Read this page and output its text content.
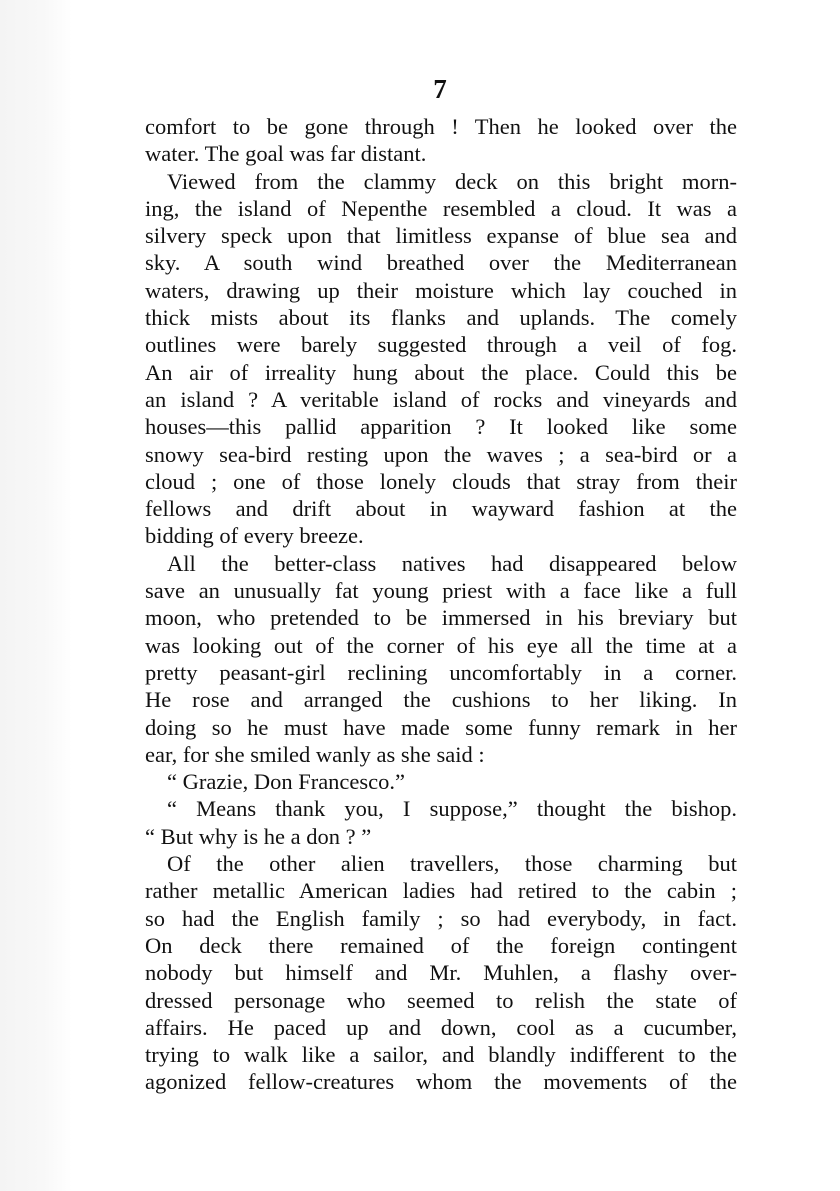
7
comfort to be gone through ! Then he looked over the
water. The goal was far distant.
Viewed from the clammy deck on this bright morn-
ing, the island of Nepenthe resembled a cloud. It was a
silvery speck upon that limitless expanse of blue sea and
sky. A south wind breathed over the Mediterranean
waters, drawing up their moisture which lay couched in
thick mists about its flanks and uplands. The comely
outlines were barely suggested through a veil of fog.
An air of irreality hung about the place. Could this be
an island ? A veritable island of rocks and vineyards and
houses—this pallid apparition ? It looked like some
snowy sea-bird resting upon the waves ; a sea-bird or a
cloud ; one of those lonely clouds that stray from their
fellows and drift about in wayward fashion at the
bidding of every breeze.
All the better-class natives had disappeared below
save an unusually fat young priest with a face like a full
moon, who pretended to be immersed in his breviary but
was looking out of the corner of his eye all the time at a
pretty peasant-girl reclining uncomfortably in a corner.
He rose and arranged the cushions to her liking. In
doing so he must have made some funny remark in her
ear, for she smiled wanly as she said :
“ Grazie, Don Francesco.”
“ Means thank you, I suppose,” thought the bishop.
“ But why is he a don ? ”
Of the other alien travellers, those charming but
rather metallic American ladies had retired to the cabin ;
so had the English family ; so had everybody, in fact.
On deck there remained of the foreign contingent
nobody but himself and Mr. Muhlen, a flashy over-
dressed personage who seemed to relish the state of
affairs. He paced up and down, cool as a cucumber,
trying to walk like a sailor, and blandly indifferent to the
agonized fellow-creatures whom the movements of the
